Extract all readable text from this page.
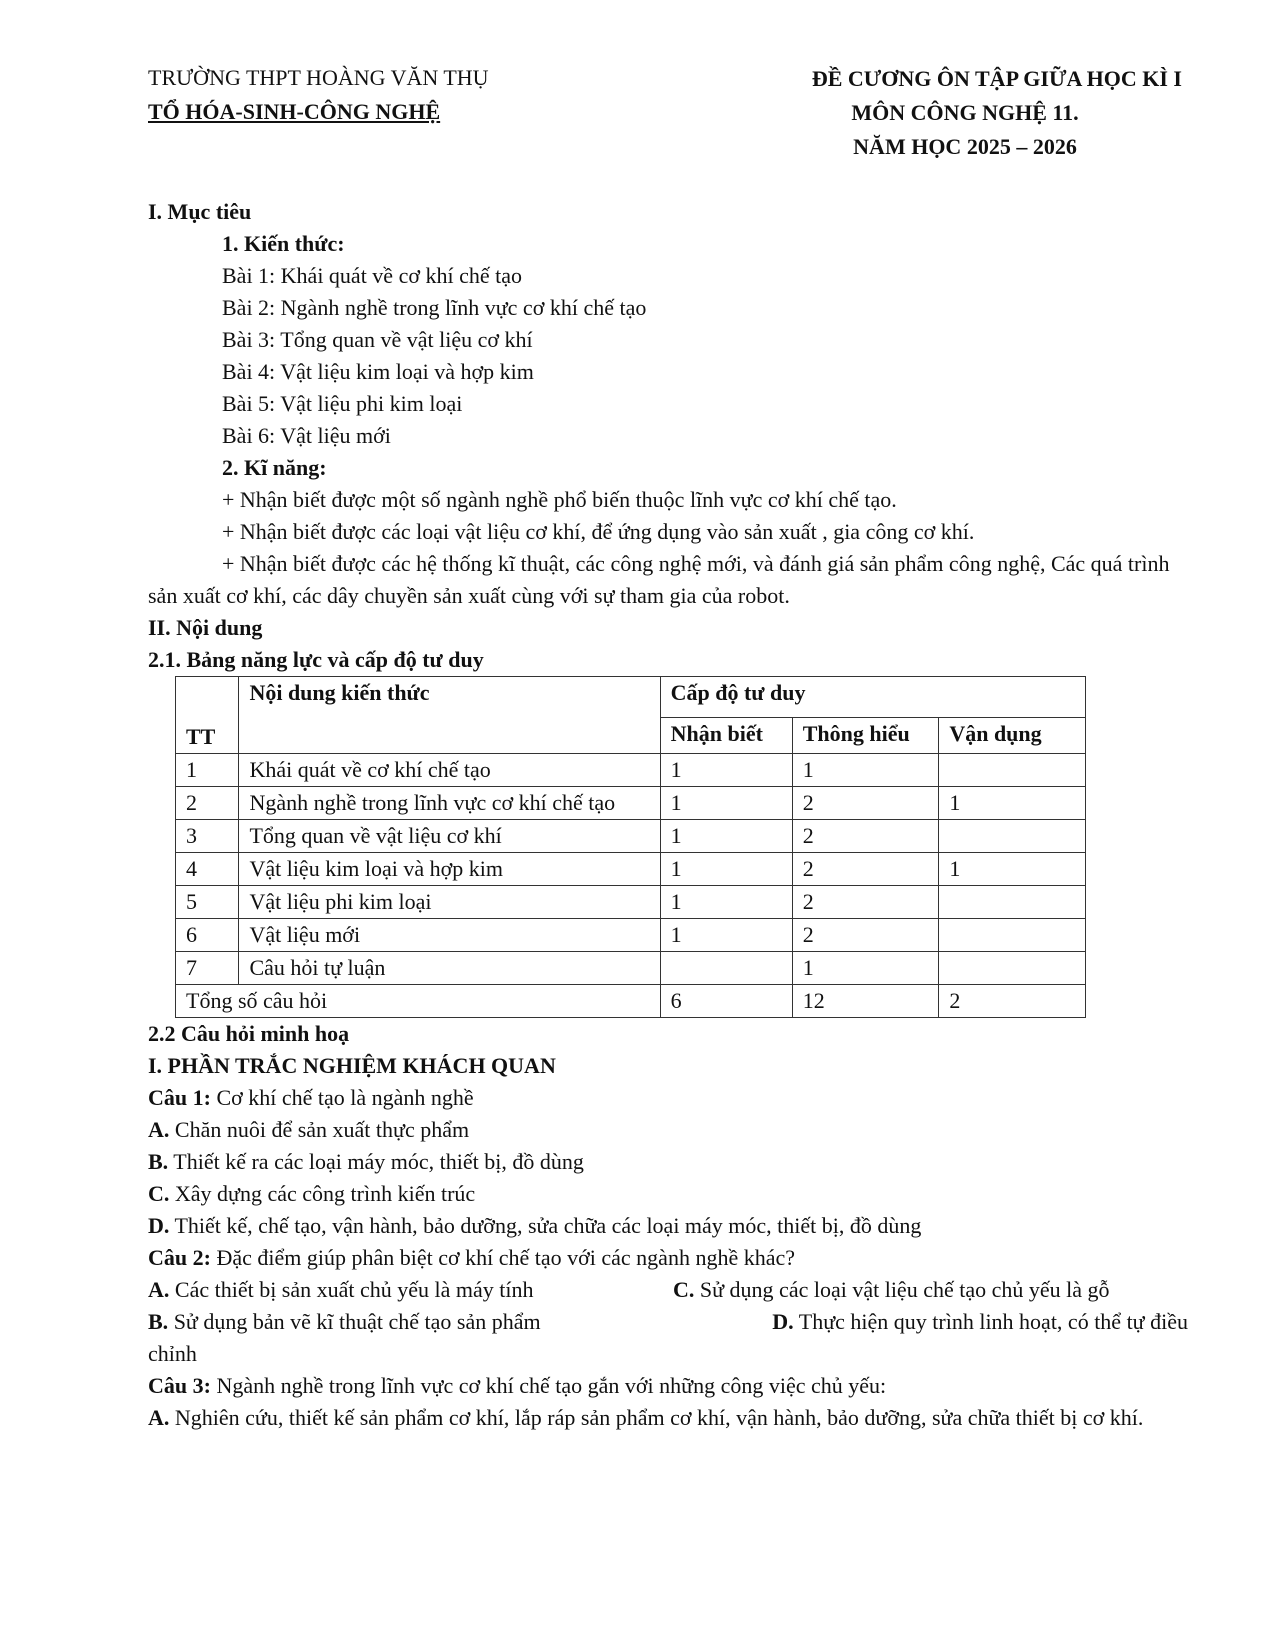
TRƯỜNG THPT HOÀNG VĂN THỤ
TỔ HÓA-SINH-CÔNG NGHỆ
ĐỀ CƯƠNG ÔN TẬP GIỮA HỌC KÌ I
MÔN CÔNG NGHỆ 11.
NĂM HỌC 2025 – 2026
I. Mục tiêu
1. Kiến thức:
Bài 1: Khái quát về cơ khí chế tạo
Bài 2: Ngành nghề trong lĩnh vực cơ khí chế tạo
Bài 3: Tổng quan về vật liệu cơ khí
Bài 4: Vật liệu kim loại và hợp kim
Bài 5: Vật liệu phi kim loại
Bài 6: Vật liệu mới
2. Kĩ năng:
+ Nhận biết được một số ngành nghề phổ biến thuộc lĩnh vực cơ khí chế tạo.
+ Nhận biết được các loại vật liệu cơ khí, để ứng dụng vào sản xuất , gia công cơ khí.
+ Nhận biết được các hệ thống kĩ thuật, các công nghệ mới, và đánh giá sản phẩm công nghệ, Các quá trình sản xuất cơ khí, các dây chuyền sản xuất cùng với sự tham gia của robot.
II. Nội dung
2.1. Bảng năng lực và cấp độ tư duy
TT	Nội dung kiến thức	Cấp độ tư duy		
		Nhận biết	Thông hiểu	Vận dụng
1	Khái quát về cơ khí chế tạo	1	1	
2	Ngành nghề trong lĩnh vực cơ khí chế tạo	1	2	1
3	Tổng quan về vật liệu cơ khí	1	2	
4	Vật liệu kim loại và hợp kim	1	2	1
5	Vật liệu phi kim loại	1	2	
6	Vật liệu mới	1	2	
7	Câu hỏi tự luận		1	
Tổng số câu hỏi		6	12	2
2.2 Câu hỏi minh hoạ
I. PHẦN TRẮC NGHIỆM KHÁCH QUAN
Câu 1: Cơ khí chế tạo là ngành nghề
A. Chăn nuôi để sản xuất thực phẩm
B. Thiết kế ra các loại máy móc, thiết bị, đồ dùng
C. Xây dựng các công trình kiến trúc
D. Thiết kế, chế tạo, vận hành, bảo dưỡng, sửa chữa các loại máy móc, thiết bị, đồ dùng
Câu 2: Đặc điểm giúp phân biệt cơ khí chế tạo với các ngành nghề khác?
A. Các thiết bị sản xuất chủ yếu là máy tính	C. Sử dụng các loại vật liệu chế tạo chủ yếu là gỗ
B. Sử dụng bản vẽ kĩ thuật chế tạo sản phẩm	D. Thực hiện quy trình linh hoạt, có thể tự điều
chỉnh
Câu 3: Ngành nghề trong lĩnh vực cơ khí chế tạo gắn với những công việc chủ yếu:
A. Nghiên cứu, thiết kế sản phẩm cơ khí, lắp ráp sản phẩm cơ khí, vận hành, bảo dưỡng, sửa chữa thiết bị cơ khí.
